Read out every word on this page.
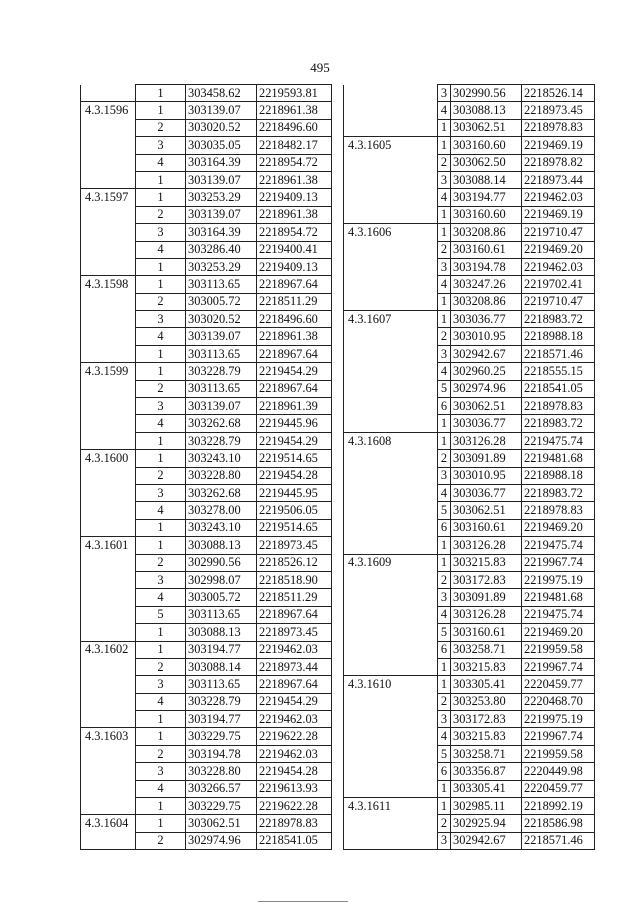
495
	1	303458.62	2219593.81
4.3.1596	1	303139.07	2218961.38
	2	303020.52	2218496.60
	3	303035.05	2218482.17
	4	303164.39	2218954.72
	1	303139.07	2218961.38
4.3.1597	1	303253.29	2219409.13
	2	303139.07	2218961.38
	3	303164.39	2218954.72
	4	303286.40	2219400.41
	1	303253.29	2219409.13
4.3.1598	1	303113.65	2218967.64
	2	303005.72	2218511.29
	3	303020.52	2218496.60
	4	303139.07	2218961.38
	1	303113.65	2218967.64
4.3.1599	1	303228.79	2219454.29
	2	303113.65	2218967.64
	3	303139.07	2218961.39
	4	303262.68	2219445.96
	1	303228.79	2219454.29
4.3.1600	1	303243.10	2219514.65
	2	303228.80	2219454.28
	3	303262.68	2219445.95
	4	303278.00	2219506.05
	1	303243.10	2219514.65
4.3.1601	1	303088.13	2218973.45
	2	302990.56	2218526.12
	3	302998.07	2218518.90
	4	303005.72	2218511.29
	5	303113.65	2218967.64
	1	303088.13	2218973.45
4.3.1602	1	303194.77	2219462.03
	2	303088.14	2218973.44
	3	303113.65	2218967.64
	4	303228.79	2219454.29
	1	303194.77	2219462.03
4.3.1603	1	303229.75	2219622.28
	2	303194.78	2219462.03
	3	303228.80	2219454.28
	4	303266.57	2219613.93
	1	303229.75	2219622.28
4.3.1604	1	303062.51	2218978.83
	2	302974.96	2218541.05
	3	302990.56	2218526.14
	4	303088.13	2218973.45
	1	303062.51	2218978.83
4.3.1605	1	303160.60	2219469.19
	2	303062.50	2218978.82
	3	303088.14	2218973.44
	4	303194.77	2219462.03
	1	303160.60	2219469.19
4.3.1606	1	303208.86	2219710.47
	2	303160.61	2219469.20
	3	303194.78	2219462.03
	4	303247.26	2219702.41
	1	303208.86	2219710.47
4.3.1607	1	303036.77	2218983.72
	2	303010.95	2218988.18
	3	302942.67	2218571.46
	4	302960.25	2218555.15
	5	302974.96	2218541.05
	6	303062.51	2218978.83
	1	303036.77	2218983.72
4.3.1608	1	303126.28	2219475.74
	2	303091.89	2219481.68
	3	303010.95	2218988.18
	4	303036.77	2218983.72
	5	303062.51	2218978.83
	6	303160.61	2219469.20
	1	303126.28	2219475.74
4.3.1609	1	303215.83	2219967.74
	2	303172.83	2219975.19
	3	303091.89	2219481.68
	4	303126.28	2219475.74
	5	303160.61	2219469.20
	6	303258.71	2219959.58
	1	303215.83	2219967.74
4.3.1610	1	303305.41	2220459.77
	2	303253.80	2220468.70
	3	303172.83	2219975.19
	4	303215.83	2219967.74
	5	303258.71	2219959.58
	6	303356.87	2220449.98
	1	303305.41	2220459.77
4.3.1611	1	302985.11	2218992.19
	2	302925.94	2218586.98
	3	302942.67	2218571.46
